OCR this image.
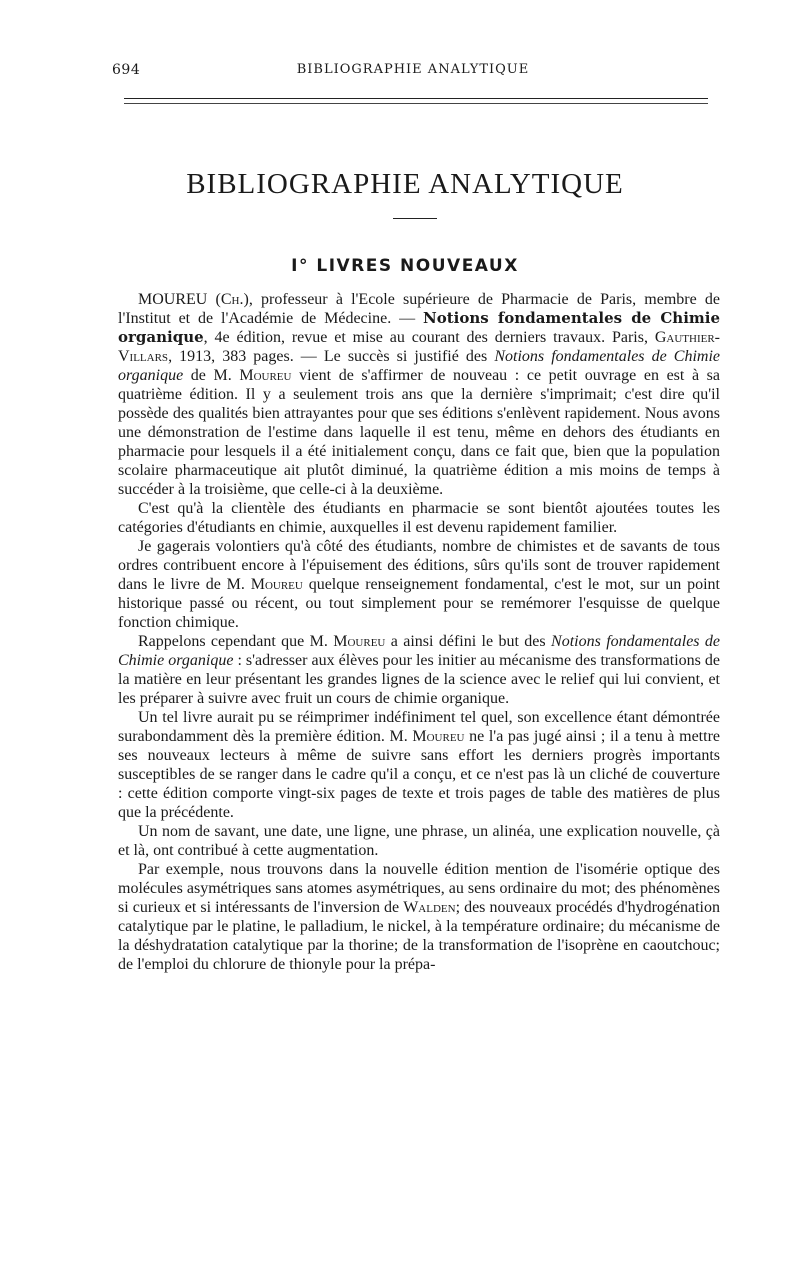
694	BIBLIOGRAPHIE ANALYTIQUE
BIBLIOGRAPHIE ANALYTIQUE
I° LIVRES NOUVEAUX

MOUREU (Ch.), professeur à l'Ecole supérieure de Pharmacie de Paris, membre de l'Institut et de l'Académie de Médecine. — Notions fondamentales de Chimie organique, 4e édition, revue et mise au courant des derniers travaux. Paris, Gauthier-Villars, 1913, 383 pages. — Le succès si justifié des Notions fondamentales de Chimie organique de M. Moureu vient de s'affirmer de nouveau : ce petit ouvrage en est à sa quatrième édition. Il y a seulement trois ans que la dernière s'imprimait; c'est dire qu'il possède des qualités bien attrayantes pour que ses éditions s'enlèvent rapidement. Nous avons une démonstration de l'estime dans laquelle il est tenu, même en dehors des étudiants en pharmacie pour lesquels il a été initialement conçu, dans ce fait que, bien que la population scolaire pharmaceutique ait plutôt diminué, la quatrième édition a mis moins de temps à succéder à la troisième, que celle-ci à la deuxième.

C'est qu'à la clientèle des étudiants en pharmacie se sont bientôt ajoutées toutes les catégories d'étudiants en chimie, auxquelles il est devenu rapidement familier.

Je gagerais volontiers qu'à côté des étudiants, nombre de chimistes et de savants de tous ordres contribuent encore à l'épuisement des éditions, sûrs qu'ils sont de trouver rapidement dans le livre de M. Moureu quelque renseignement fondamental, c'est le mot, sur un point historique passé ou récent, ou tout simplement pour se remémorer l'esquisse de quelque fonction chimique.

Rappelons cependant que M. Moureu a ainsi défini le but des Notions fondamentales de Chimie organique : s'adresser aux élèves pour les initier au mécanisme des transformations de la matière en leur présentant les grandes lignes de la science avec le relief qui lui convient, et les préparer à suivre avec fruit un cours de chimie organique.

Un tel livre aurait pu se réimprimer indéfiniment tel quel, son excellence étant démontrée surabondamment dès la première édition. M. Moureu ne l'a pas jugé ainsi ; il a tenu à mettre ses nouveaux lecteurs à même de suivre sans effort les derniers progrès importants susceptibles de se ranger dans le cadre qu'il a conçu, et ce n'est pas là un cliché de couverture : cette édition comporte vingt-six pages de texte et trois pages de table des matières de plus que la précédente.

Un nom de savant, une date, une ligne, une phrase, un alinéa, une explication nouvelle, çà et là, ont contribué à cette augmentation.

Par exemple, nous trouvons dans la nouvelle édition mention de l'isomérie optique des molécules asymétriques sans atomes asymétriques, au sens ordinaire du mot; des phénomènes si curieux et si intéressants de l'inversion de Walden; des nouveaux procédés d'hydrogénation catalytique par le platine, le palladium, le nickel, à la température ordinaire; du mécanisme de la déshydratation catalytique par la thorine; de la transformation de l'isoprène en caoutchouc; de l'emploi du chlorure de thionyle pour la prépa-
